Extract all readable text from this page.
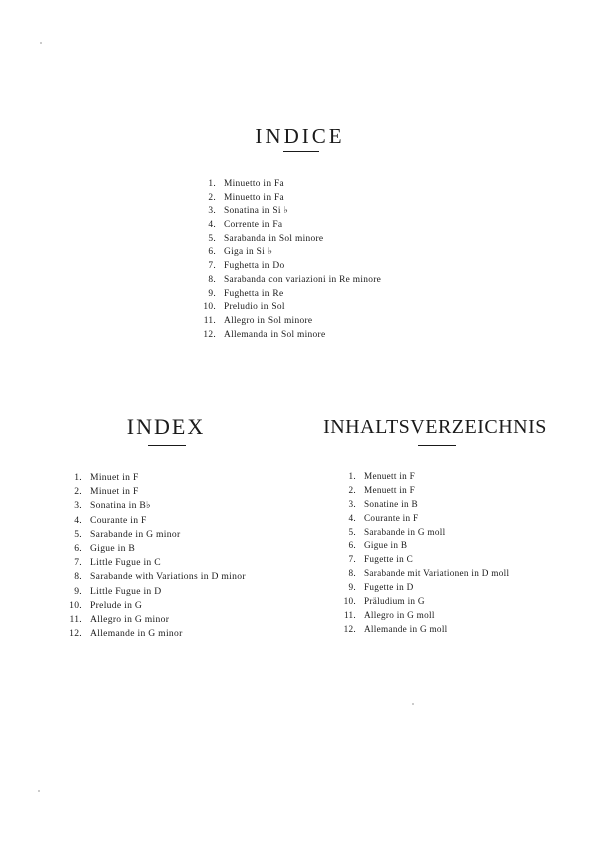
INDICE
1. Minuetto in Fa
2. Minuetto in Fa
3. Sonatina in Si ♭
4. Corrente in Fa
5. Sarabanda in Sol minore
6. Giga in Si ♭
7. Fughetta in Do
8. Sarabanda con variazioni in Re minore
9. Fughetta in Re
10. Preludio in Sol
11. Allegro in Sol minore
12. Allemanda in Sol minore
INDEX
1. Minuet in F
2. Minuet in F
3. Sonatina in B♭
4. Courante in F
5. Sarabande in G minor
6. Gigue in B
7. Little Fugue in C
8. Sarabande with Variations in D minor
9. Little Fugue in D
10. Prelude in G
11. Allegro in G minor
12. Allemande in G minor
INHALTSVERZEICHNIS
1. Menuett in F
2. Menuett in F
3. Sonatine in B
4. Courante in F
5. Sarabande in G moll
6. Gigue in B
7. Fugette in C
8. Sarabande mit Variationen in D moll
9. Fugette in D
10. Präludium in G
11. Allegro in G moll
12. Allemande in G moll
